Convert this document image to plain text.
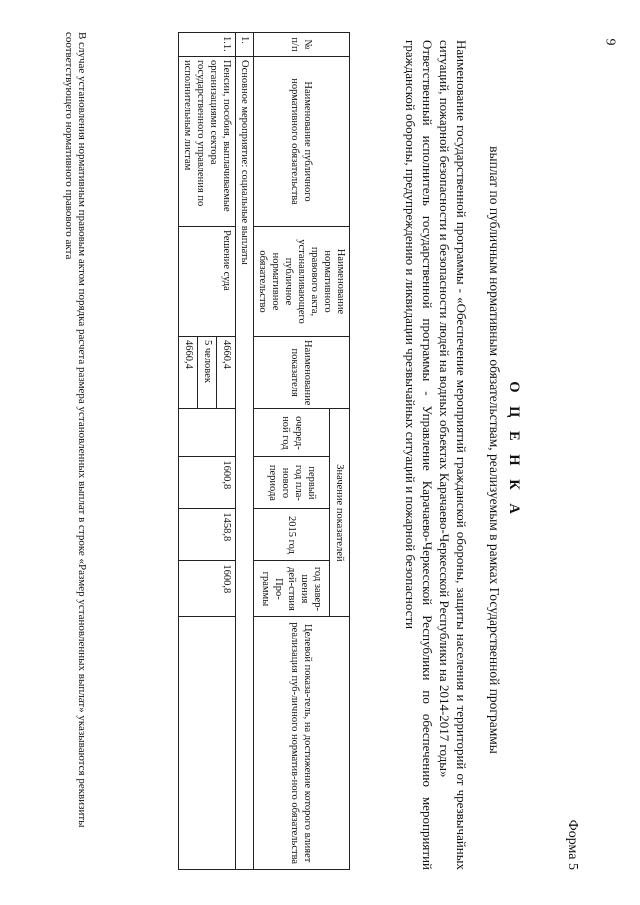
9
Форма 5
О Ц Е Н К А
выплат по публичным нормативным обязательствам, реализуемым в рамках Государственной программы

Наименование государственной программы - «Обеспечение мероприятий гражданской обороны, защиты населения и территорий от чрезвычайных ситуаций, пожарной безопасности и безопасности людей на водных объектах Карачаево-Черкесской Республики на 2014-2017 годы»

Ответственный исполнитель государственной программы - Управление Карачаево-Черкесской Республики по обеспечению мероприятий гражданской обороны, предупреждению и ликвидации чрезвычайных ситуаций и пожарной безопасности

№ п/п	Наименование публичного нормативного обязательства	Наименование нормативного правового акта, устанавливающего публичное нормативное обязательство	Наименование показателя	Значение показателей				Целевой показа-тель, на достижение которого влияет реализация пуб-личного норматив-ного обязательства
				очеред-ной год	первый год пла-нового периода	2015 год	год завер-шения дей-ствия Про-граммы	
1.	Основное мероприятие: социальные выплаты							
1.1.	Пенсии, пособия, выплачиваемые организациями сектора государственного управления по исполнительным листам	Решение суда	4660,4		1600,8	1458,8	1600,8	
			5 человек					
			4660,4					
В случае установления нормативным правовым актом порядка расчета размера установленных выплат в строке «Размер установленных выплат» указываются реквизиты соответствующего нормативного правового акта
